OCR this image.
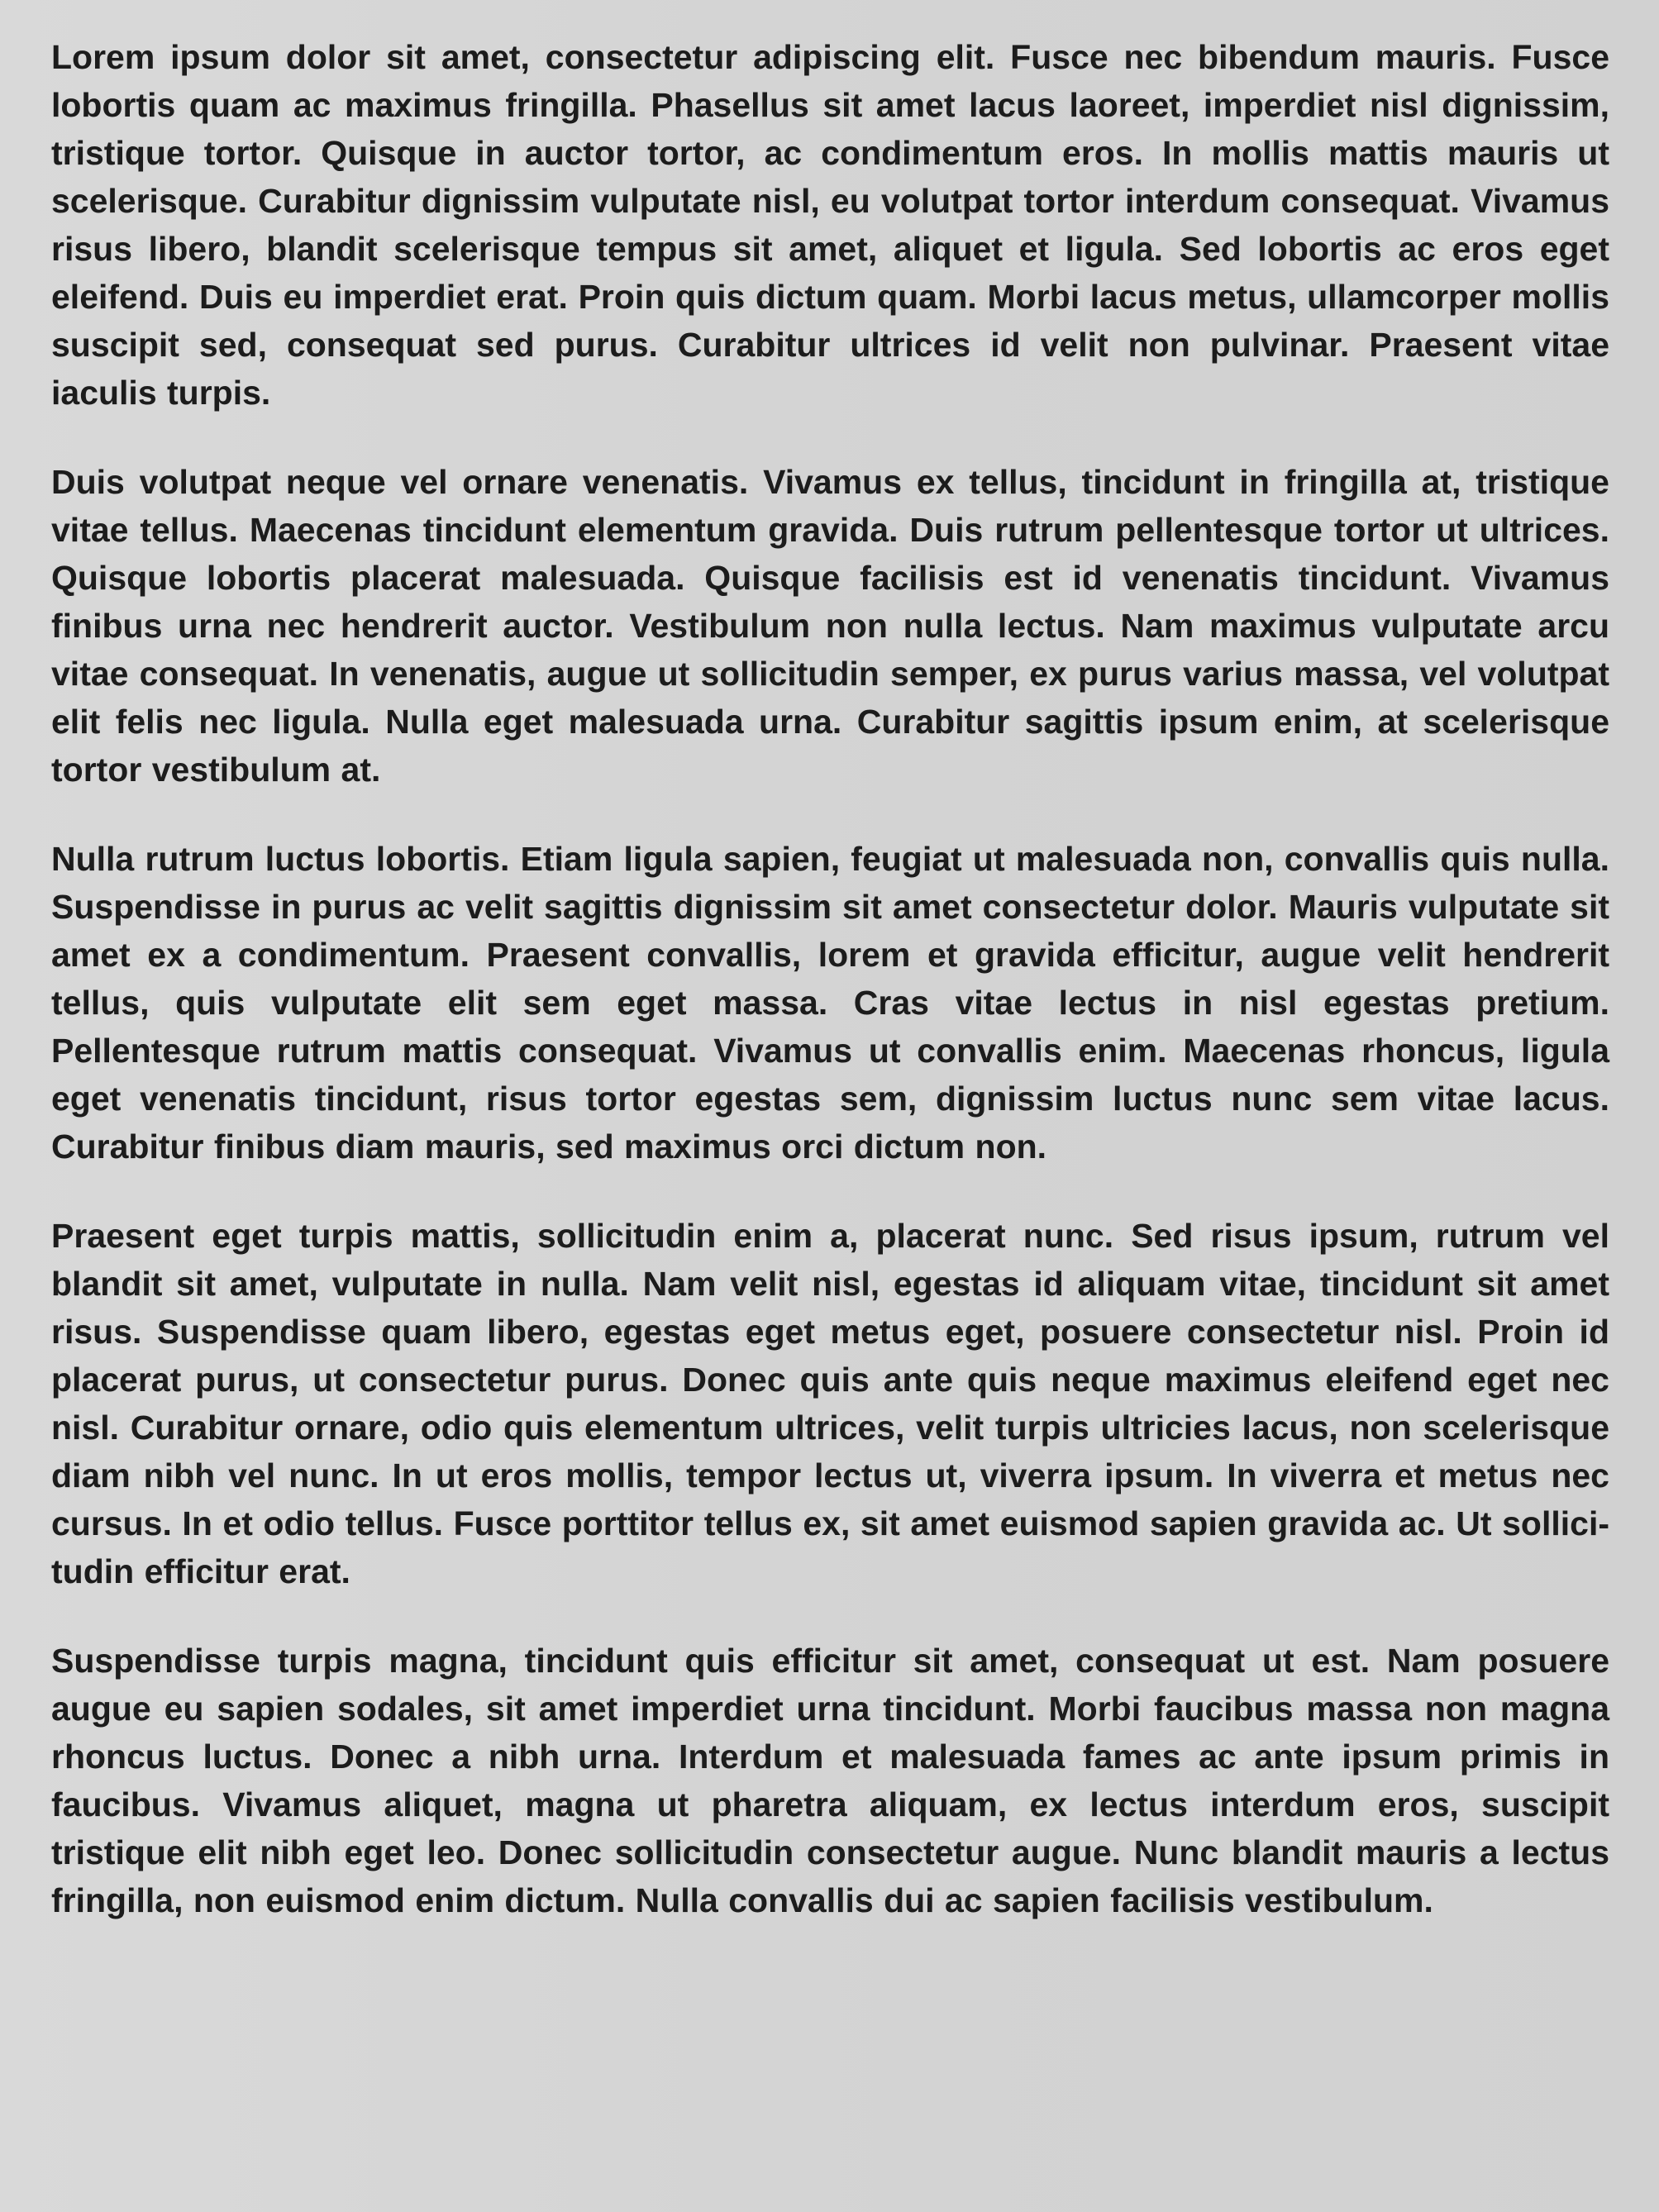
Lorem ipsum dolor sit amet, consectetur adipiscing elit. Fusce nec bibendum mauris. Fusce lobortis quam ac maximus fringilla. Phasellus sit amet lacus laoreet, imperdiet nisl dignissim, tristique tortor. Quisque in auctor tortor, ac condimentum eros. In mollis mattis mauris ut scelerisque. Curabitur dignissim vulputate nisl, eu volutpat tortor interdum consequat. Vivamus risus libero, blandit scelerisque tempus sit amet, aliquet et ligula. Sed lobortis ac eros eget eleifend. Duis eu imperdiet erat. Proin quis dictum quam. Morbi lacus metus, ullamcorper mollis suscipit sed, consequat sed purus. Curabitur ultrices id velit non pulvinar. Praesent vitae iaculis turpis.

Duis volutpat neque vel ornare venenatis. Vivamus ex tellus, tincidunt in fringilla at, tristique vitae tellus. Maecenas tincidunt elementum gravida. Duis rutrum pellentesque tortor ut ultrices. Quisque lobortis placerat malesuada. Quisque facilisis est id venenatis tincidunt. Vivamus finibus urna nec hendrerit auctor. Vestibulum non nulla lectus. Nam maximus vulputate arcu vitae consequat. In venenatis, augue ut sollicitudin semper, ex purus varius massa, vel volutpat elit felis nec ligula. Nulla eget malesuada urna. Curabitur sagittis ipsum enim, at scelerisque tortor vestibulum at.

Nulla rutrum luctus lobortis. Etiam ligula sapien, feugiat ut malesuada non, convallis quis nulla. Suspendisse in purus ac velit sagittis dignissim sit amet consectetur dolor. Mauris vulputate sit amet ex a condimentum. Praesent convallis, lorem et gravida efficitur, augue velit hendrerit tellus, quis vulputate elit sem eget massa. Cras vitae lectus in nisl egestas pretium. Pellentesque rutrum mattis consequat. Vivamus ut convallis enim. Maecenas rhoncus, ligula eget venenatis tincidunt, risus tortor egestas sem, dignissim luctus nunc sem vitae lacus. Curabitur finibus diam mauris, sed maximus orci dictum non.

Praesent eget turpis mattis, sollicitudin enim a, placerat nunc. Sed risus ipsum, rutrum vel blandit sit amet, vulputate in nulla. Nam velit nisl, egestas id aliquam vitae, tincidunt sit amet risus. Suspendisse quam libero, egestas eget metus eget, posuere consectetur nisl. Proin id placerat purus, ut consectetur purus. Donec quis ante quis neque maximus eleifend eget nec nisl. Curabitur ornare, odio quis elementum ultrices, velit turpis ultricies lacus, non scelerisque diam nibh vel nunc. In ut eros mollis, tempor lectus ut, viverra ipsum. In viverra et metus nec cursus. In et odio tellus. Fusce porttitor tellus ex, sit amet euismod sapien gravida ac. Ut sollicitudin efficitur erat.

Suspendisse turpis magna, tincidunt quis efficitur sit amet, consequat ut est. Nam posuere augue eu sapien sodales, sit amet imperdiet urna tincidunt. Morbi faucibus massa non magna rhoncus luctus. Donec a nibh urna. Interdum et malesuada fames ac ante ipsum primis in faucibus. Vivamus aliquet, magna ut pharetra aliquam, ex lectus interdum eros, suscipit tristique elit nibh eget leo. Donec sollicitudin consectetur augue. Nunc blandit mauris a lectus fringilla, non euismod enim dictum. Nulla convallis dui ac sapien facilisis vestibulum.
